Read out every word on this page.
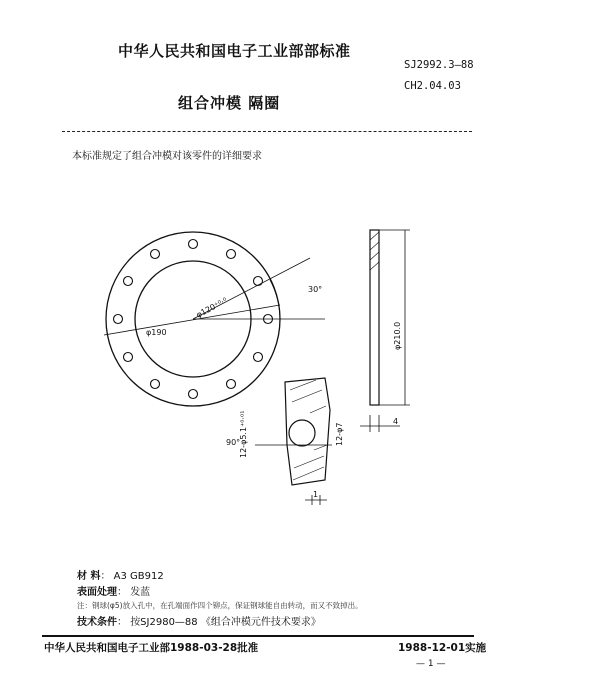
中华人民共和国电子工业部部标准
SJ2992.3—88
组合冲模 隔圈
CH2.04.03
本标准规定了组合冲模对该零件的详细要求
φ190
φ120⁺⁰·⁰
30°
90°
12-φ5.1⁺⁰·⁰¹	12-φ7
φ210.0
4
1
材 料： A3 GB912
表面处理： 发蓝
注：钢球(φ5)放入孔中，在孔端面作四个铆点，保证钢球能自由转动，而又不致掉出。
技术条件： 按SJ2980—88 《组合冲模元件技术要求》
中华人民共和国电子工业部1988-03-28批准	1988-12-01实施
— 1 —
